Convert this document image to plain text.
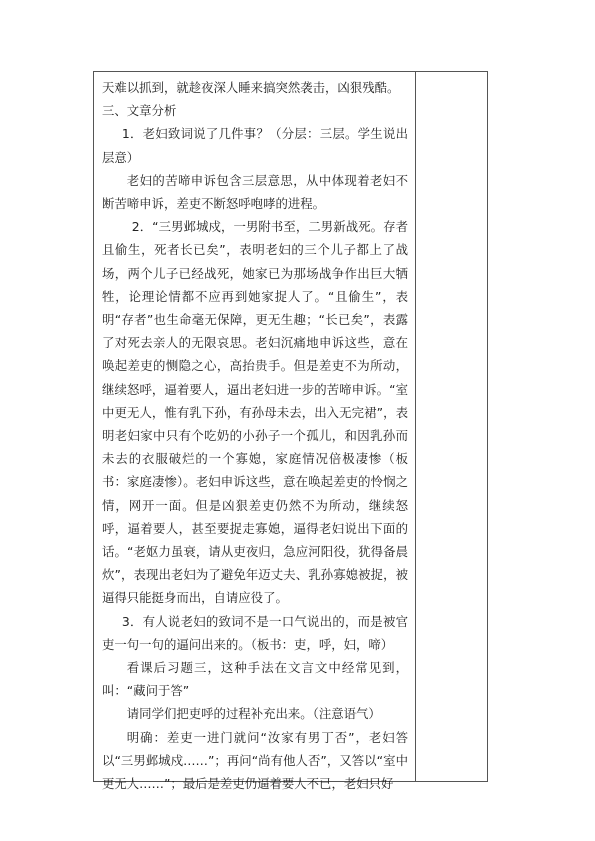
天难以抓到，就趁夜深人睡来搞突然袭击，凶狠残酷。

三、文章分析

1．老妇致词说了几件事？（分层：三层。学生说出层意）

老妇的苦啼申诉包含三层意思，从中体现着老妇不断苦啼申诉，差吏不断怒呼咆哮的进程。

2．“三男邺城戍，一男附书至，二男新战死。存者且偷生，死者长已矣”，表明老妇的三个儿子都上了战场，两个儿子已经战死，她家已为那场战争作出巨大牺牲，论理论情都不应再到她家捉人了。“且偷生”，表明“存者”也生命毫无保障，更无生趣；“长已矣”，表露了对死去亲人的无限哀思。老妇沉痛地申诉这些，意在唤起差吏的恻隐之心，高抬贵手。但是差吏不为所动，继续怒呼，逼着要人，逼出老妇进一步的苦啼申诉。“室中更无人，惟有乳下孙，有孙母未去，出入无完裙”，表明老妇家中只有个吃奶的小孙子一个孤儿，和因乳孙而未去的衣服破烂的一个寡媳，家庭情况倍极凄惨（板书：家庭凄惨）。老妇申诉这些，意在唤起差吏的怜悯之情，网开一面。但是凶狠差吏仍然不为所动，继续怒呼，逼着要人，甚至要捉走寡媳，逼得老妇说出下面的话。“老妪力虽衰，请从吏夜归，急应河阳役，犹得备晨炊”，表现出老妇为了避免年迈丈夫、乳孙寡媳被捉，被逼得只能挺身而出，自请应役了。

3．有人说老妇的致词不是一口气说出的，而是被官吏一句一句的逼问出来的。（板书：吏，呼，妇，啼）

看课后习题三，这种手法在文言文中经常见到，叫：“藏问于答”

请同学们把吏呼的过程补充出来。（注意语气）

明确：差吏一进门就问“汝家有男丁否”，老妇答以“三男邺城戍……”；再问“尚有他人否”，又答以“室中更无人……”；最后是差吏仍逼着要人不已，老妇只好
